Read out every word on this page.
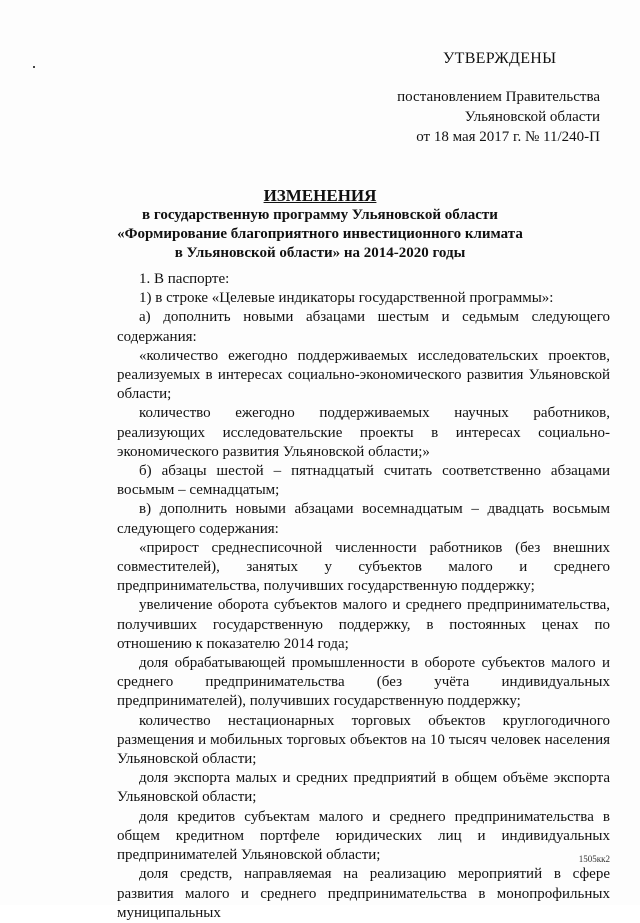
УТВЕРЖДЕНЫ
постановлением Правительства
Ульяновской области
от 18 мая 2017 г. № 11/240-П
ИЗМЕНЕНИЯ
в государственную программу Ульяновской области
«Формирование благоприятного инвестиционного климата
в Ульяновской области» на 2014-2020 годы

1. В паспорте:

1) в строке «Целевые индикаторы государственной программы»:

а) дополнить новыми абзацами шестым и седьмым следующего содержания:

«количество ежегодно поддерживаемых исследовательских проектов, реализуемых в интересах социально-экономического развития Ульяновской области;

количество ежегодно поддерживаемых научных работников, реализующих исследовательские проекты в интересах социально-экономического развития Ульяновской области;»

б) абзацы шестой – пятнадцатый считать соответственно абзацами восьмым – семнадцатым;

в) дополнить новыми абзацами восемнадцатым – двадцать восьмым следующего содержания:

«прирост среднесписочной численности работников (без внешних совместителей), занятых у субъектов малого и среднего предпринимательства, получивших государственную поддержку;

увеличение оборота субъектов малого и среднего предпринимательства, получивших государственную поддержку, в постоянных ценах по отношению к показателю 2014 года;

доля обрабатывающей промышленности в обороте субъектов малого и среднего предпринимательства (без учёта индивидуальных предпринимателей), получивших государственную поддержку;

количество нестационарных торговых объектов круглогодичного размещения и мобильных торговых объектов на 10 тысяч человек населения Ульяновской области;

доля экспорта малых и средних предприятий в общем объёме экспорта Ульяновской области;

доля кредитов субъектам малого и среднего предпринимательства в общем кредитном портфеле юридических лиц и индивидуальных предпринимателей Ульяновской области;

доля средств, направляемая на реализацию мероприятий в сфере развития малого и среднего предпринимательства в монопрофильных муниципальных

1505кк2
